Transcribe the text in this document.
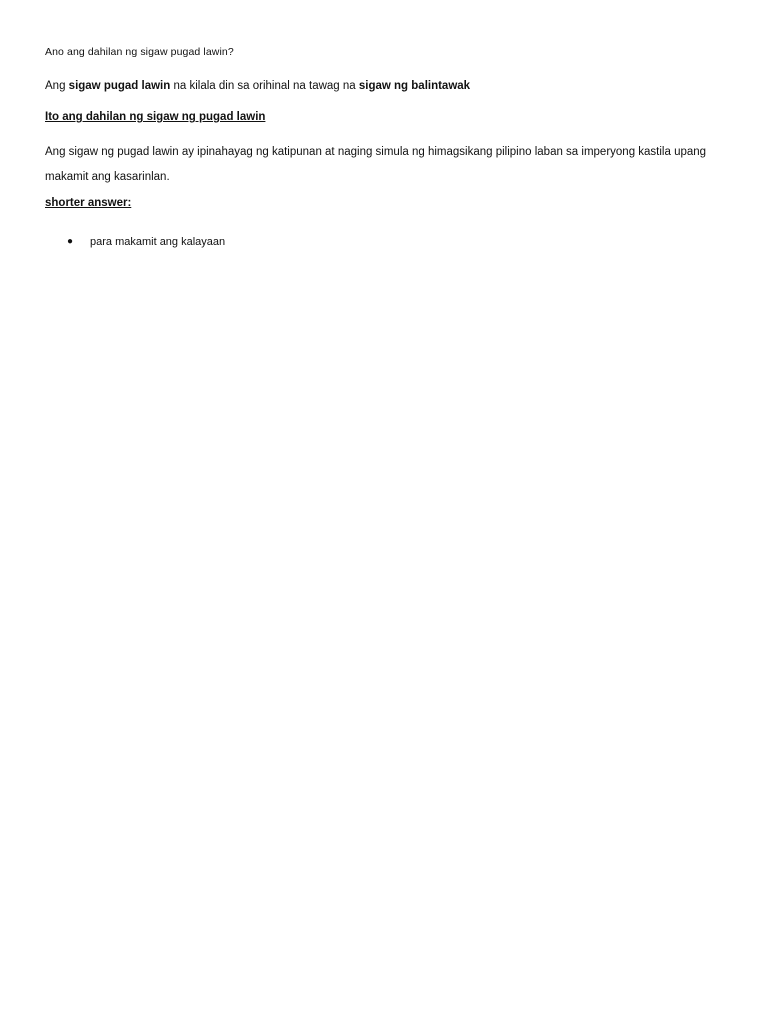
Ano ang dahilan ng sigaw pugad lawin?
Ang sigaw pugad lawin na kilala din sa orihinal na tawag na sigaw ng balintawak
Ito ang dahilan ng sigaw ng pugad lawin
Ang sigaw ng pugad lawin ay ipinahayag ng katipunan at naging simula ng himagsikang pilipino laban sa imperyong kastila upang makamit ang kasarinlan.
shorter answer:
● para makamit ang kalayaan
